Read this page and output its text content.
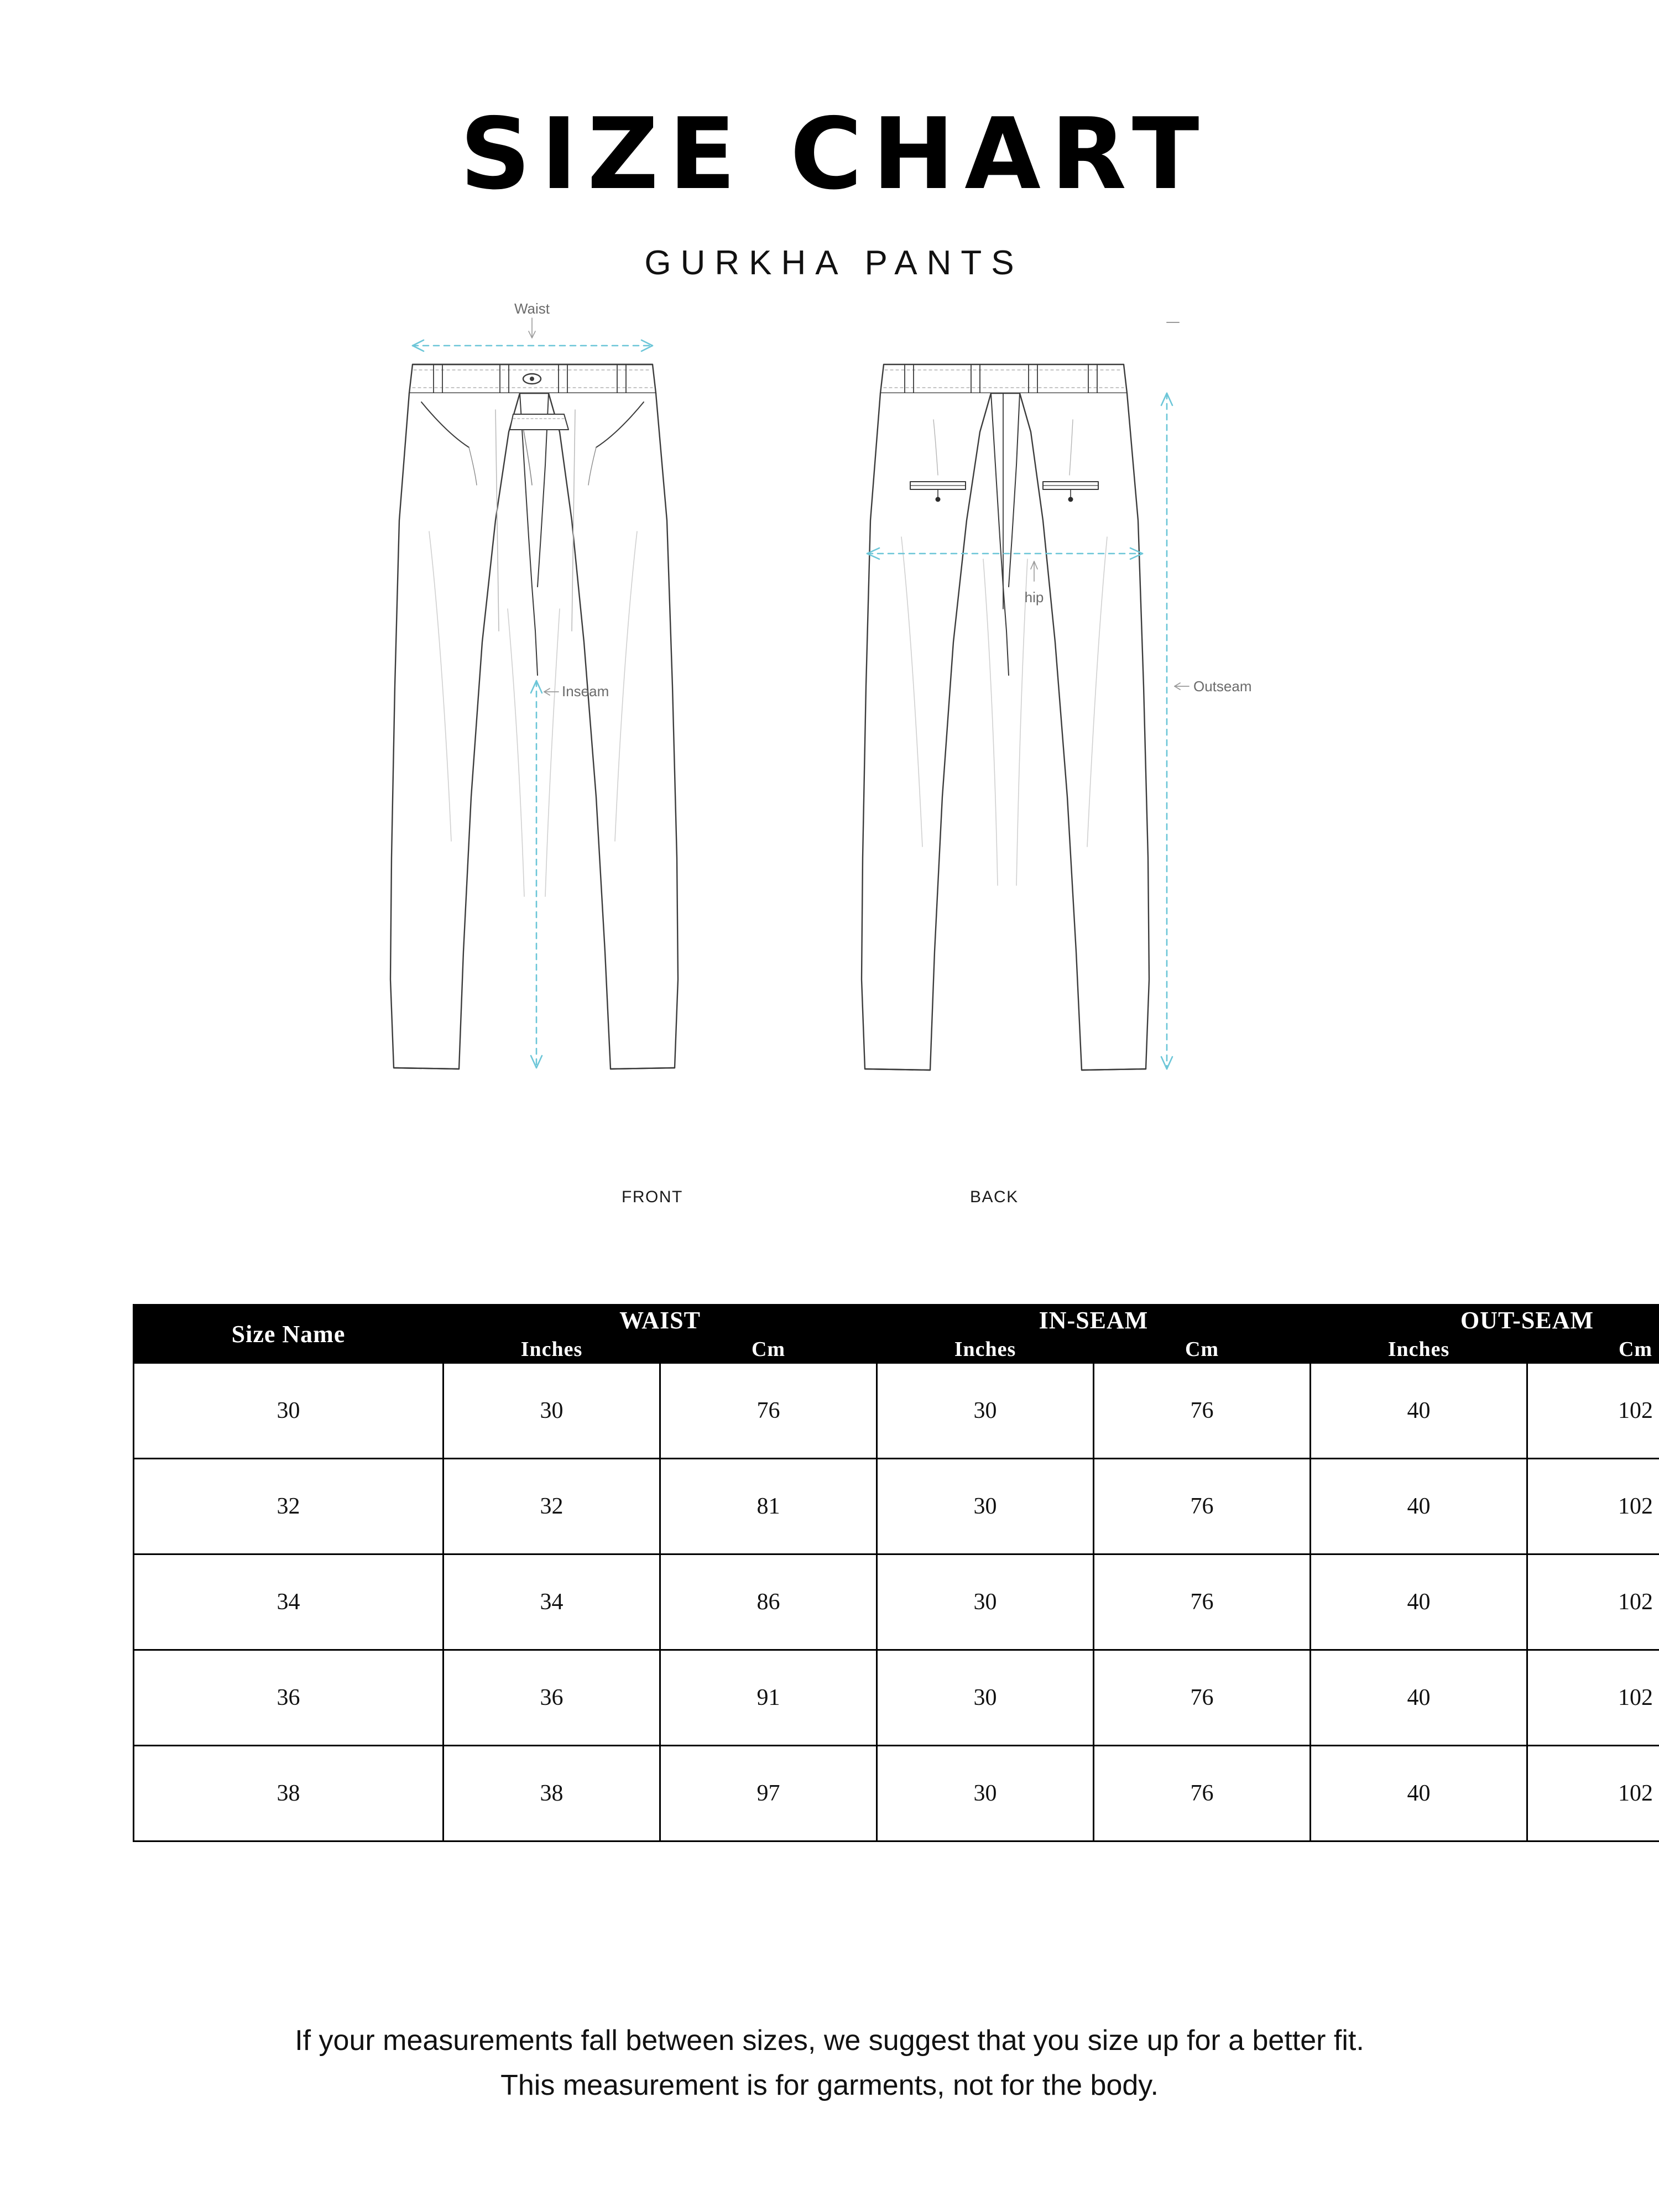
SIZE CHART

GURKHA PANTS

Waist
Inseam
hip
Outseam
FRONT	BACK
Size Name	WAIST		IN-SEAM		OUT-SEAM	
	Inches	Cm	Inches	Cm	Inches	Cm
30	30	76	30	76	40	102
32	32	81	30	76	40	102
34	34	86	30	76	40	102
36	36	91	30	76	40	102
38	38	97	30	76	40	102
If your measurements fall between sizes, we suggest that you size up for a better fit.
This measurement is for garments, not for the body.
